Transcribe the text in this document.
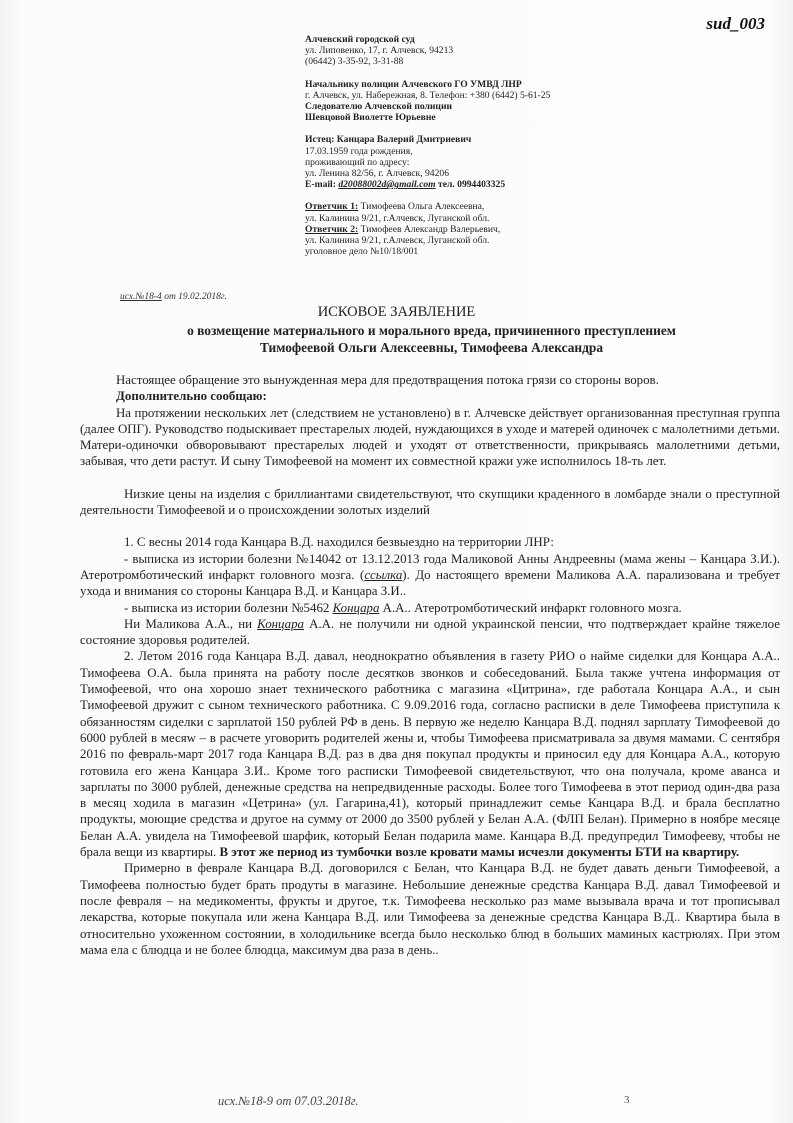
sud_003
Алчевский городской суд
ул. Липовенко, 17, г. Алчевск, 94213
(06442) 3-35-92, 3-31-88
Начальнику полиции Алчевского ГО УМВД ЛНР
г. Алчевск, ул. Набережная, 8. Телефон: +380 (6442) 5-61-25
Следователю Алчевской полиции
Шевцовой Виолетте Юрьевне
Истец: Канцара Валерий Дмитриевич
17.03.1959 года рождения,
проживающий по адресу:
ул. Ленина 82/56, г. Алчевск, 94206
E-mail: d20088002d@gmail.com тел. 0994403325
Ответчик 1: Тимофеева Ольга Алексеевна,
ул. Калинина 9/21, г.Алчевск, Луганской обл.
Ответчик 2: Тимофеев Александр Валерьевич,
ул. Калинина 9/21, г.Алчевск, Луганской обл.
уголовное дело №10/18/001
исх.№18-4 от 19.02.2018г.
ИСКОВОЕ ЗАЯВЛЕНИЕ
о возмещение материального и морального вреда, причиненного преступлением
Тимофеевой Ольги Алексеевны, Тимофеева Александра

Настоящее обращение это вынужденная мера для предотвращения потока грязи со стороны воров.

Дополнительно сообщаю:

На протяжении нескольких лет (следствием не установлено) в г. Алчевске действует организованная преступная группа (далее ОПГ). Руководство подыскивает престарелых людей, нуждающихся в уходе и матерей одиночек с малолетними детьми. Матери-одиночки обворовывают престарелых людей и уходят от ответственности, прикрываясь малолетними детьми, забывая, что дети растут. И сыну Тимофеевой на момент их совместной кражи уже исполнилось 18-ть лет.

Низкие цены на изделия с бриллиантами свидетельствуют, что скупщики краденного в ломбарде знали о преступной деятельности Тимофеевой и о происхождении золотых изделий

1. С весны 2014 года Канцара В.Д. находился безвыездно на территории ЛНР:

- выписка из истории болезни №14042 от 13.12.2013 года Маликовой Анны Андреевны (мама жены – Канцара З.И.). Атеротромботический инфаркт головного мозга. (ссылка). До настоящего времени Маликова А.А. парализована и требует ухода и внимания со стороны Канцара В.Д. и Канцара З.И..

- выписка из истории болезни №5462 Концара А.А.. Атеротромботический инфаркт головного мозга.

Ни Маликова А.А., ни Концара А.А. не получили ни одной украинской пенсии, что подтверждает крайне тяжелое состояние здоровья родителей.

2. Летом 2016 года Канцара В.Д. давал, неоднократно объявления в газету РИО о найме сиделки для Концара А.А.. Тимофеева О.А. была принята на работу после десятков звонков и собеседований. Была также учтена информация от Тимофеевой, что она хорошо знает технического работника с магазина «Цитрина», где работала Концара А.А., и сын Тимофеевой дружит с сыном технического работника. С 9.09.2016 года, согласно расписки в деле Тимофеева приступила к обязанностям сиделки с зарплатой 150 рублей РФ в день. В первую же неделю Канцара В.Д. поднял зарплату Тимофеевой до 6000 рублей в месяw – в расчете уговорить родителей жены и, чтобы Тимофеева присматривала за двумя мамами. С сентября 2016 по февраль-март 2017 года Канцара В.Д. раз в два дня покупал продукты и приносил еду для Концара А.А., которую готовила его жена Канцара З.И.. Кроме того расписки Тимофеевой свидетельствуют, что она получала, кроме аванса и зарплаты по 3000 рублей, денежные средства на непредвиденные расходы. Более того Тимофеева в этот период один-два раза в месяц ходила в магазин «Цетрина» (ул. Гагарина,41), который принадлежит семье Канцара В.Д. и брала бесплатно продукты, моющие средства и другое на сумму от 2000 до 3500 рублей у Белан А.А. (ФЛП Белан). Примерно в ноябре месяце Белан А.А. увидела на Тимофеевой шарфик, который Белан подарила маме. Канцара В.Д. предупредил Тимофееву, чтобы не брала вещи из квартиры. В этот же период из тумбочки возле кровати мамы исчезли документы БТИ на квартиру.

Примерно в феврале Канцара В.Д. договорился с Белан, что Канцара В.Д. не будет давать деньги Тимофеевой, а Тимофеева полностью будет брать продуты в магазине. Небольшие денежные средства Канцара В.Д. давал Тимофеевой и после февраля – на медикоменты, фрукты и другое, т.к. Тимофеева несколько раз маме вызывала врача и тот прописывал лекарства, которые покупала или жена Канцара В.Д. или Тимофеева за денежные средства Канцара В.Д.. Квартира была в относительно ухоженном состоянии, в холодильнике всегда было несколько блюд в больших маминых кастрюлях. При этом мама ела с блюдца и не более блюдца, максимум два раза в день..

исх.№18-9 от 07.03.2018г.	3
